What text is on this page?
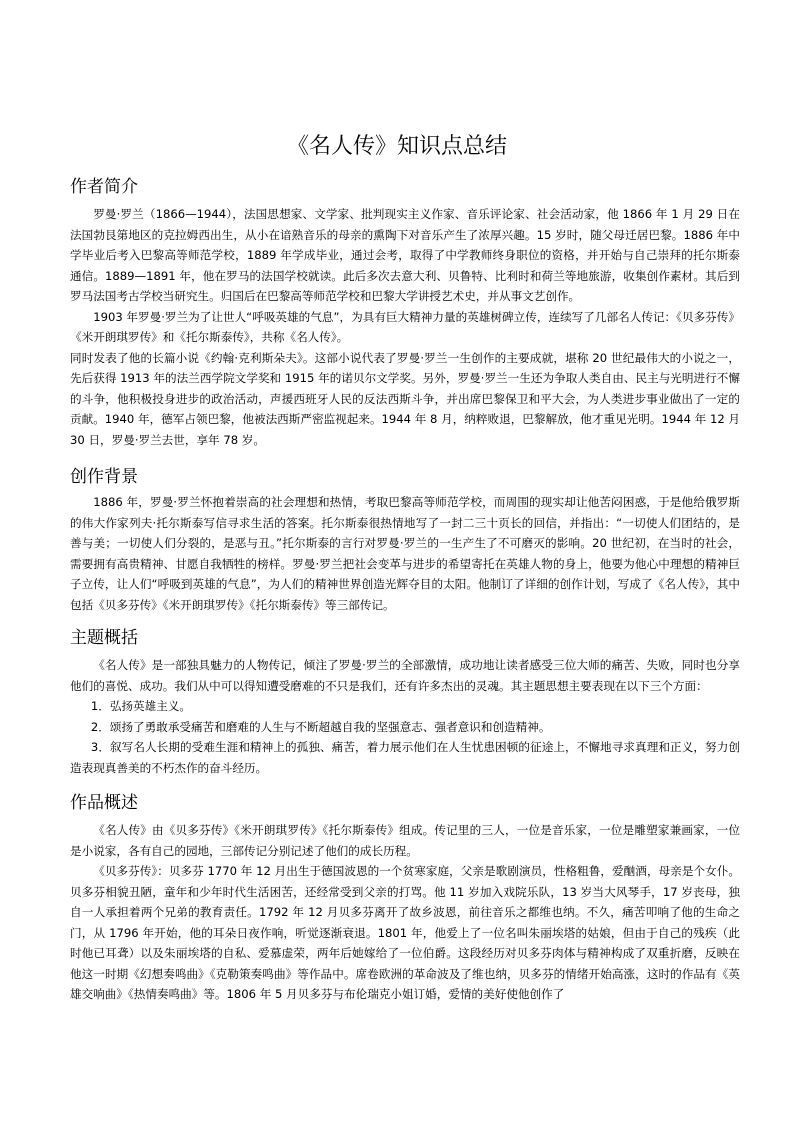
《名人传》知识点总结
作者简介

罗曼·罗兰（1866—1944），法国思想家、文学家、批判现实主义作家、音乐评论家、社会活动家，他 1866 年 1 月 29 日在法国勃艮第地区的克拉姆西出生，从小在谙熟音乐的母亲的熏陶下对音乐产生了浓厚兴趣。15 岁时，随父母迁居巴黎。1886 年中学毕业后考入巴黎高等师范学校，1889 年学成毕业，通过会考，取得了中学教师终身职位的资格，并开始与自己崇拜的托尔斯泰通信。1889—1891 年，他在罗马的法国学校就读。此后多次去意大利、贝鲁特、比利时和荷兰等地旅游，收集创作素材。其后到罗马法国考古学校当研究生。归国后在巴黎高等师范学校和巴黎大学讲授艺术史，并从事文艺创作。

1903 年罗曼·罗兰为了让世人“呼吸英雄的气息”，为具有巨大精神力量的英雄树碑立传，连续写了几部名人传记：《贝多芬传》《米开朗琪罗传》和《托尔斯泰传》，共称《名人传》。

同时发表了他的长篇小说《约翰·克利斯朵夫》。这部小说代表了罗曼·罗兰一生创作的主要成就，堪称 20 世纪最伟大的小说之一，先后获得 1913 年的法兰西学院文学奖和 1915 年的诺贝尔文学奖。另外，罗曼·罗兰一生还为争取人类自由、民主与光明进行不懈的斗争，他积极投身进步的政治活动，声援西班牙人民的反法西斯斗争，并出席巴黎保卫和平大会，为人类进步事业做出了一定的贡献。1940 年，德军占领巴黎，他被法西斯严密监视起来。1944 年 8 月，纳粹败退，巴黎解放，他才重见光明。1944 年 12 月 30 日，罗曼·罗兰去世，享年 78 岁。

创作背景

1886 年，罗曼·罗兰怀抱着崇高的社会理想和热情，考取巴黎高等师范学校，而周围的现实却让他苦闷困惑，于是他给俄罗斯的伟大作家列夫·托尔斯泰写信寻求生活的答案。托尔斯泰很热情地写了一封二三十页长的回信，并指出：“一切使人们团结的，是善与美；一切使人们分裂的，是恶与丑。”托尔斯泰的言行对罗曼·罗兰的一生产生了不可磨灭的影响。20 世纪初，在当时的社会，需要拥有高贵精神、甘愿自我牺牲的榜样。罗曼·罗兰把社会变革与进步的希望寄托在英雄人物的身上，他要为他心中理想的精神巨子立传，让人们“呼吸到英雄的气息”，为人们的精神世界创造光辉夺目的太阳。他制订了详细的创作计划，写成了《名人传》，其中包括《贝多芬传》《米开朗琪罗传》《托尔斯泰传》等三部传记。

主题概括

《名人传》是一部独具魅力的人物传记，倾注了罗曼·罗兰的全部激情，成功地让读者感受三位大师的痛苦、失败，同时也分享他们的喜悦、成功。我们从中可以得知遭受磨难的不只是我们，还有许多杰出的灵魂。其主题思想主要表现在以下三个方面：

1．弘扬英雄主义。

2．颂扬了勇敢承受痛苦和磨难的人生与不断超越自我的坚强意志、强者意识和创造精神。

3．叙写名人长期的受难生涯和精神上的孤独、痛苦，着力展示他们在人生忧患困顿的征途上，不懈地寻求真理和正义，努力创造表现真善美的不朽杰作的奋斗经历。

作品概述

《名人传》由《贝多芬传》《米开朗琪罗传》《托尔斯泰传》组成。传记里的三人，一位是音乐家，一位是雕塑家兼画家，一位是小说家，各有自己的园地，三部传记分别记述了他们的成长历程。

《贝多芬传》：贝多芬 1770 年 12 月出生于德国波恩的一个贫寒家庭，父亲是歌剧演员，性格粗鲁，爱酗酒，母亲是个女仆。贝多芬相貌丑陋，童年和少年时代生活困苦，还经常受到父亲的打骂。他 11 岁加入戏院乐队，13 岁当大风琴手，17 岁丧母，独自一人承担着两个兄弟的教育责任。1792 年 12 月贝多芬离开了故乡波恩，前往音乐之都维也纳。不久，痛苦叩响了他的生命之门，从 1796 年开始，他的耳朵日夜作响，听觉逐渐衰退。1801 年，他爱上了一位名叫朱丽埃塔的姑娘，但由于自己的残疾（此时他已耳聋）以及朱丽埃塔的自私、爱慕虚荣，两年后她嫁给了一位伯爵。这段经历对贝多芬肉体与精神构成了双重折磨，反映在他这一时期《幻想奏鸣曲》《克勒策奏鸣曲》等作品中。席卷欧洲的革命波及了维也纳，贝多芬的情绪开始高涨，这时的作品有《英雄交响曲》《热情奏鸣曲》等。1806 年 5 月贝多芬与布伦瑞克小姐订婚，爱情的美好使他创作了
